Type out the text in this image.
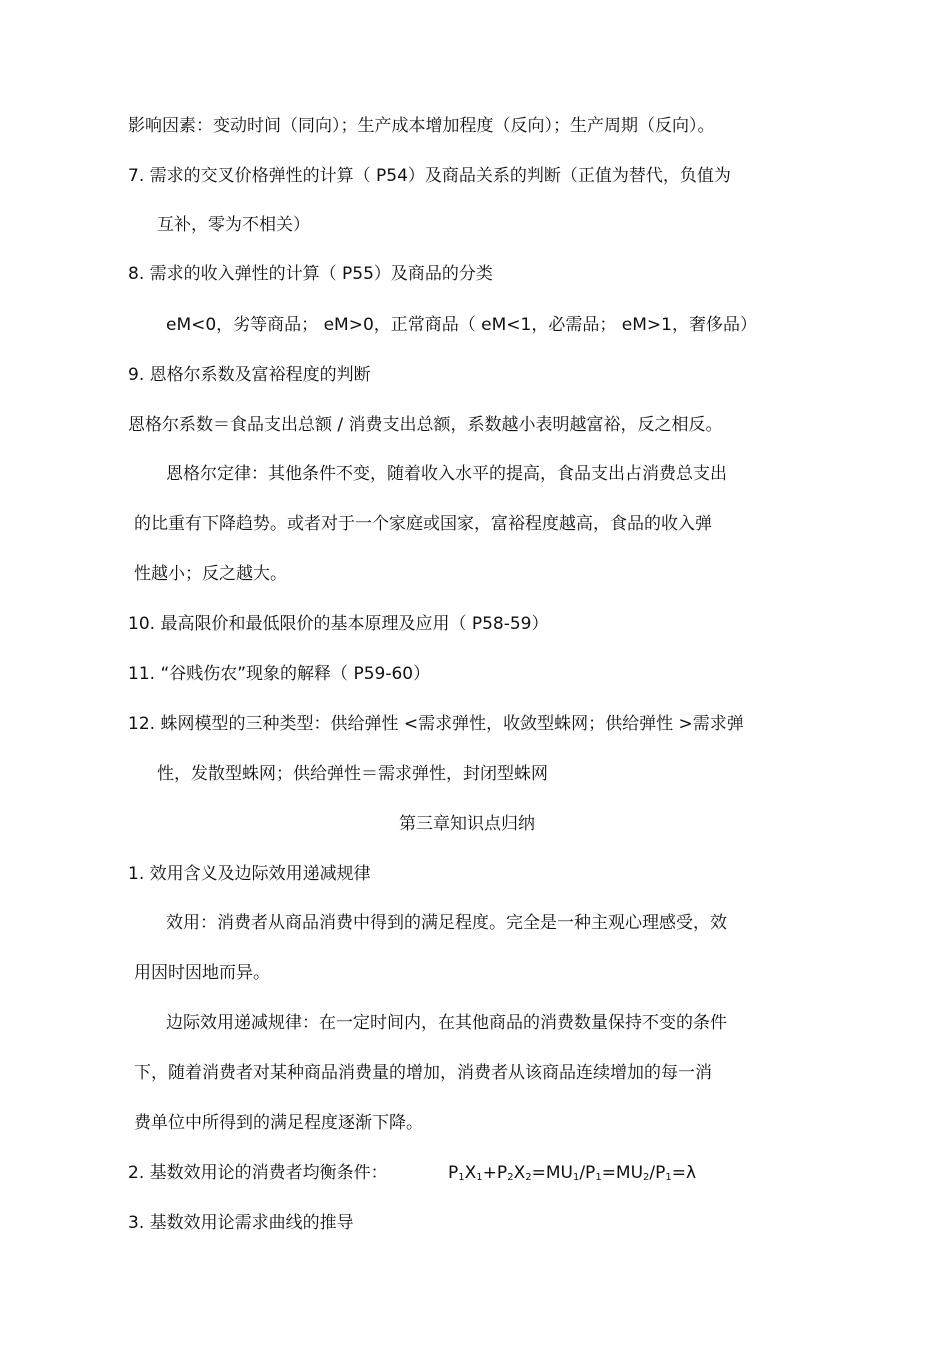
影响因素：变动时间（同向）；生产成本增加程度（反向）；生产周期（反向）。
7. 需求的交叉价格弹性的计算（ P54）及商品关系的判断（正值为替代，负值为
互补，零为不相关）
8. 需求的收入弹性的计算（ P55）及商品的分类
eM<0，劣等商品； eM>0，正常商品（ eM<1，必需品； eM>1，奢侈品）
9. 恩格尔系数及富裕程度的判断
恩格尔系数＝食品支出总额 / 消费支出总额，系数越小表明越富裕，反之相反。
恩格尔定律：其他条件不变，随着收入水平的提高，食品支出占消费总支出
的比重有下降趋势。或者对于一个家庭或国家，富裕程度越高，食品的收入弹
性越小；反之越大。
10. 最高限价和最低限价的基本原理及应用（ P58-59）
11. “谷贱伤农”现象的解释（ P59-60）
12. 蛛网模型的三种类型：供给弹性 <需求弹性，收敛型蛛网；供给弹性 >需求弹
性，发散型蛛网；供给弹性＝需求弹性，封闭型蛛网
第三章知识点归纳
1. 效用含义及边际效用递减规律
效用：消费者从商品消费中得到的满足程度。完全是一种主观心理感受，效
用因时因地而异。
边际效用递减规律：在一定时间内，在其他商品的消费数量保持不变的条件
下，随着消费者对某种商品消费量的增加，消费者从该商品连续增加的每一消
费单位中所得到的满足程度逐渐下降。
2. 基数效用论的消费者均衡条件：	$P_1X_1+P_2X_2=MU_1/P_1=MU_2/P_1=\lambda$
3. 基数效用论需求曲线的推导
